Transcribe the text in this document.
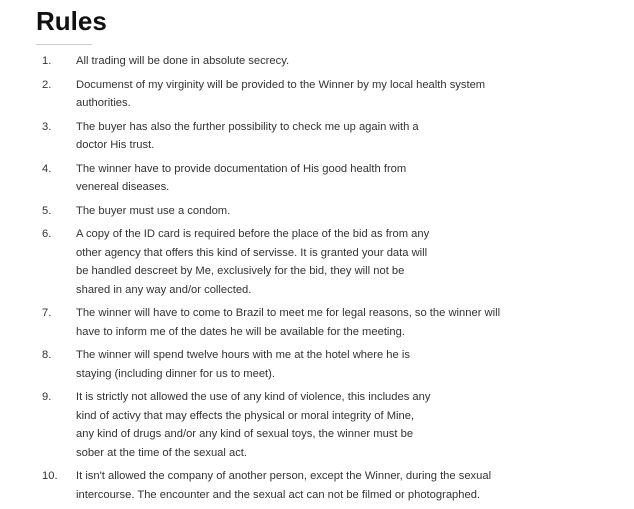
Rules
1.	All trading will be done in absolute secrecy.
2.	Documenst of my virginity will be provided to the Winner by my local health system
authorities.
3.	The buyer has also the further possibility to check me up again with a
doctor His trust.
4.	The winner have to provide documentation of His good health from
venereal diseases.
5.	The buyer must use a condom.
6.	A copy of the ID card is required before the place of the bid as from any
other agency that offers this kind of servisse. It is granted your data will
be handled descreet by Me, exclusively for the bid, they will not be
shared in any way and/or collected.
7.	The winner will have to come to Brazil to meet me for legal reasons, so the winner will
have to inform me of the dates he will be available for the meeting.
8.	The winner will spend twelve hours with me at the hotel where he is
staying (including dinner for us to meet).
9.	It is strictly not allowed the use of any kind of violence, this includes any
kind of activy that may effects the physical or moral integrity of Mine,
any kind of drugs and/or any kind of sexual toys, the winner must be
sober at the time of the sexual act.
10.	It isn't allowed the company of another person, except the Winner, during the sexual
intercourse. The encounter and the sexual act can not be filmed or photographed.
